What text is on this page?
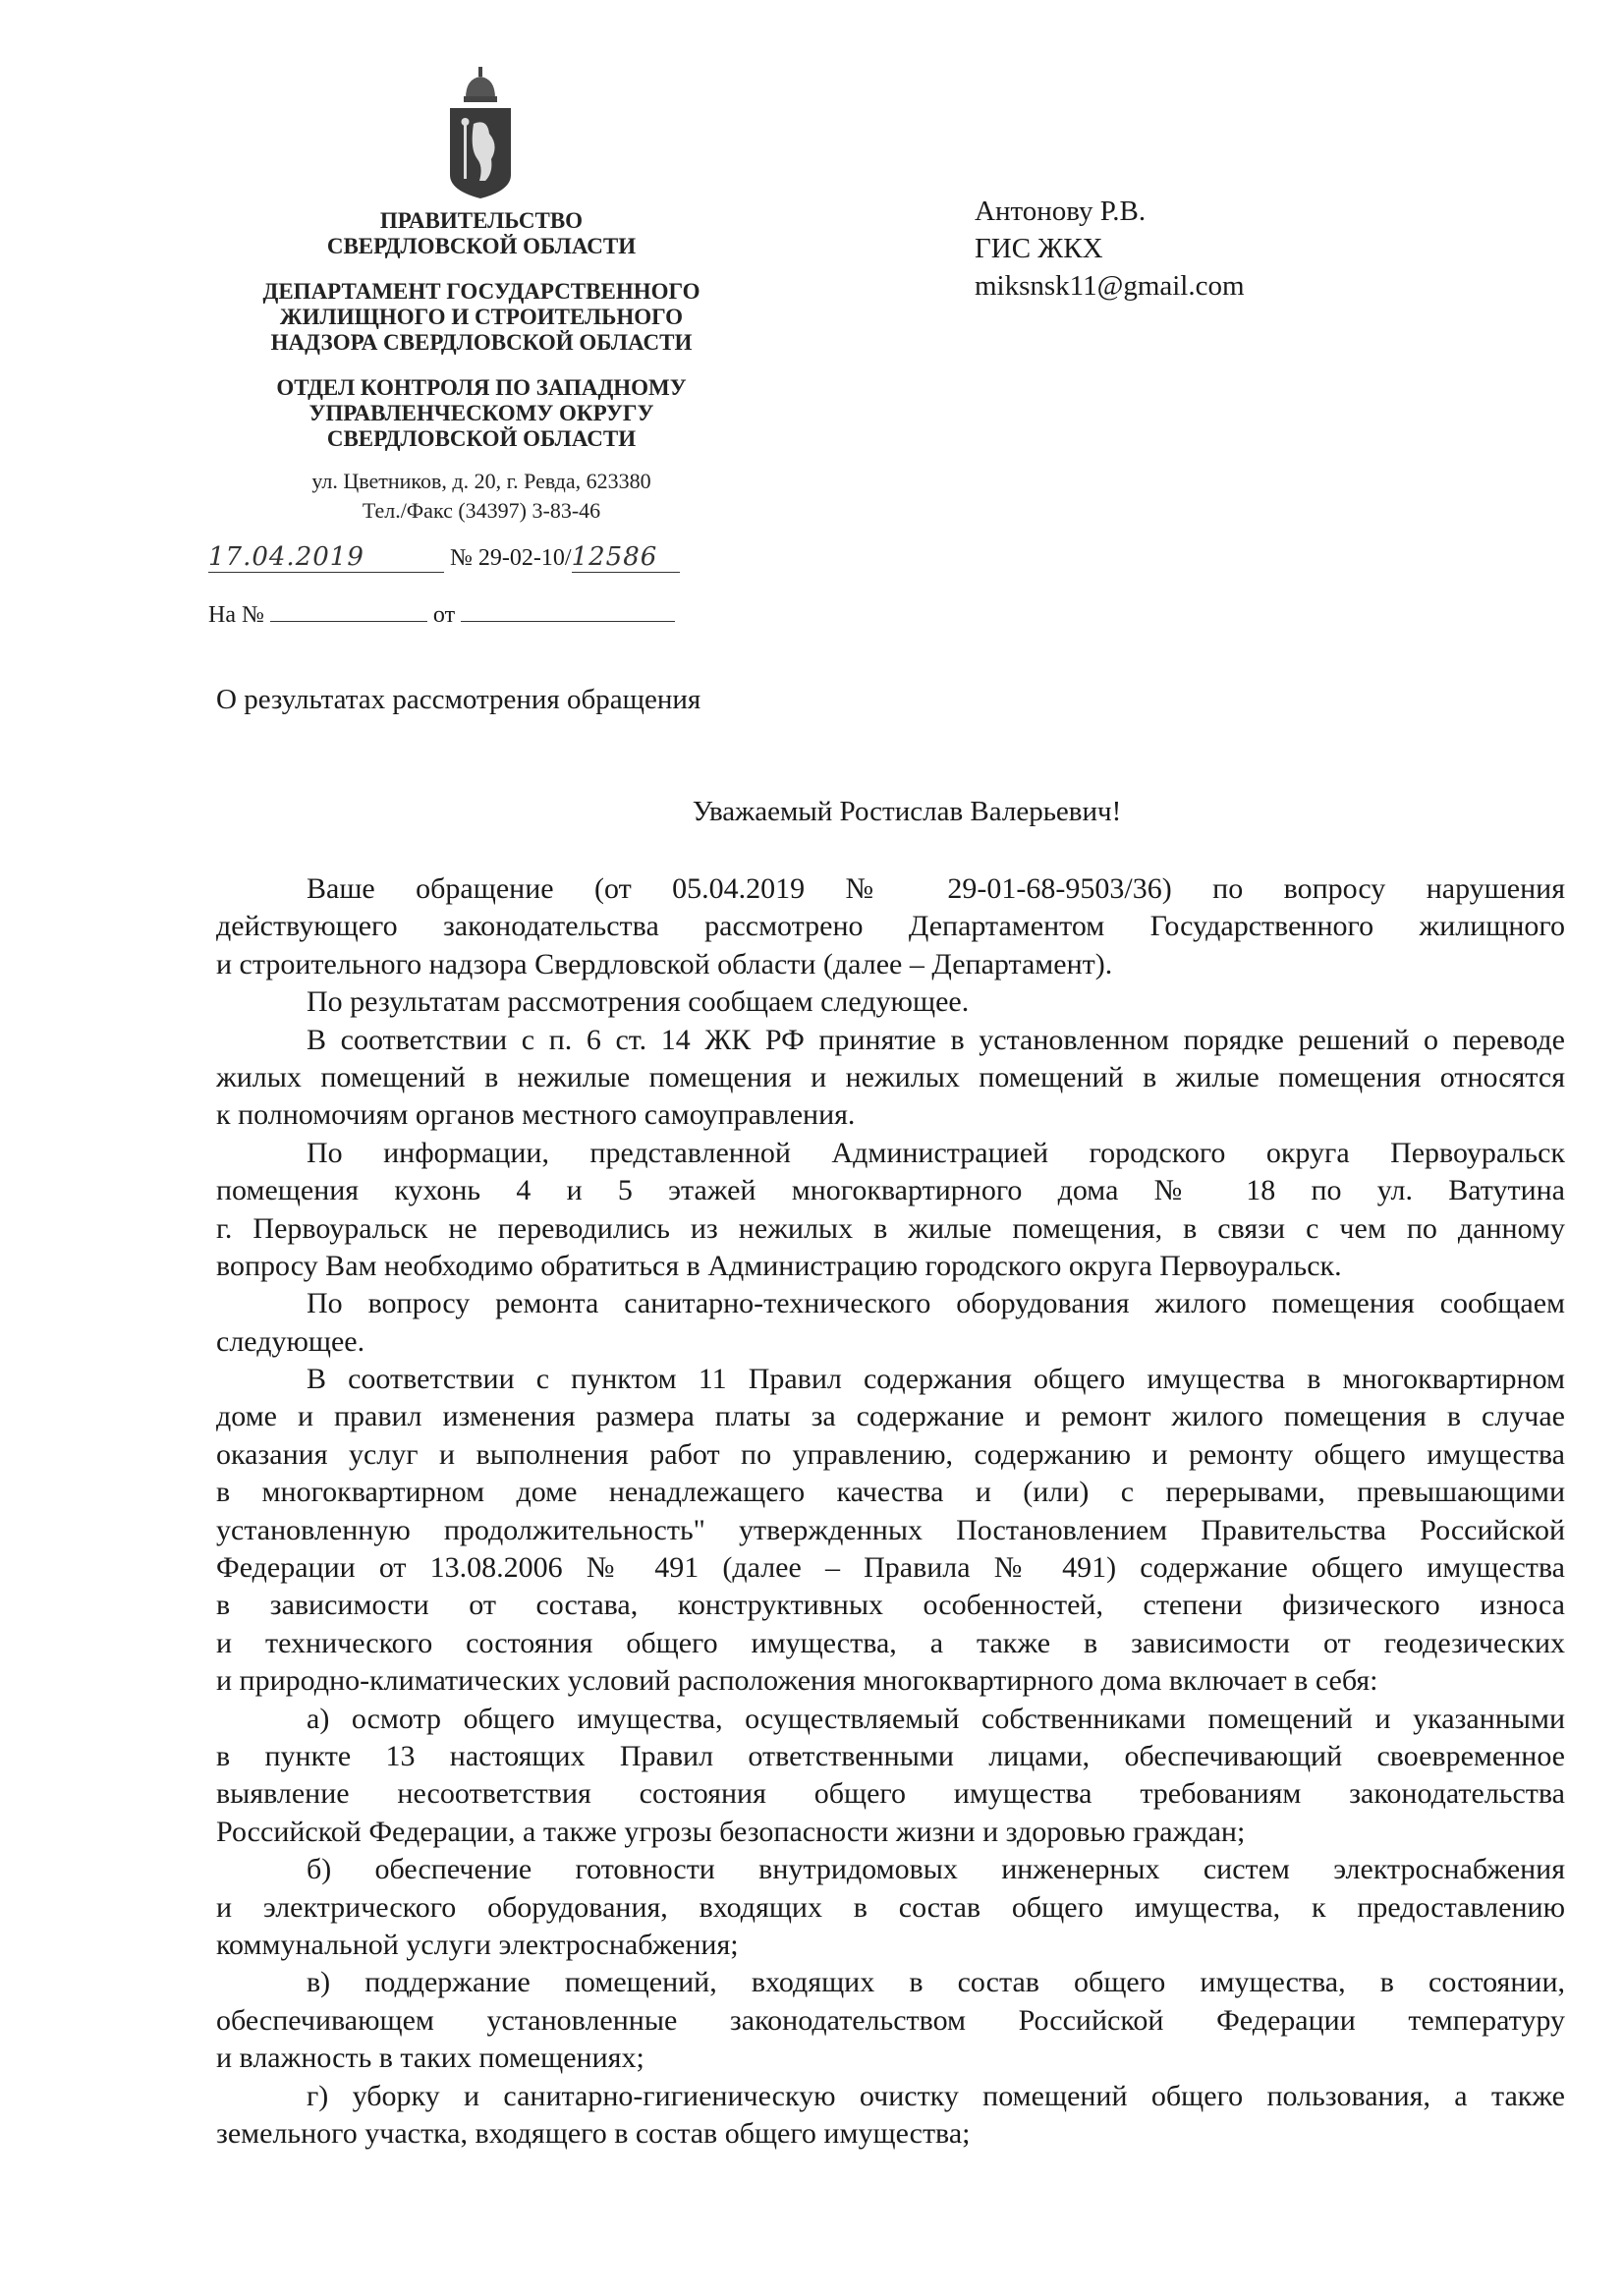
ПРАВИТЕЛЬСТВО
СВЕРДЛОВСКОЙ ОБЛАСТИ
ДЕПАРТАМЕНТ ГОСУДАРСТВЕННОГО
ЖИЛИЩНОГО И СТРОИТЕЛЬНОГО
НАДЗОРА СВЕРДЛОВСКОЙ ОБЛАСТИ
ОТДЕЛ КОНТРОЛЯ ПО ЗАПАДНОМУ
УПРАВЛЕНЧЕСКОМУ ОКРУГУ
СВЕРДЛОВСКОЙ ОБЛАСТИ
ул. Цветников, д. 20, г. Ревда, 623380
Тел./Факс (34397) 3-83-46
17.04.2019	№ 29-02-10/12586
На №	от
Антонову Р.В.
ГИС ЖКХ
miksnsk11@gmail.com
О результатах рассмотрения обращения
Уважаемый Ростислав Валерьевич!
Ваше обращение (от 05.04.2019 № 29-01-68-9503/36) по вопросу нарушения
действующего законодательства рассмотрено Департаментом Государственного жилищного
и строительного надзора Свердловской области (далее – Департамент).
По результатам рассмотрения сообщаем следующее.
В соответствии с п. 6 ст. 14 ЖК РФ принятие в установленном порядке решений о переводе
жилых помещений в нежилые помещения и нежилых помещений в жилые помещения относятся
к полномочиям органов местного самоуправления.
По информации, представленной Администрацией городского округа Первоуральск
помещения кухонь 4 и 5 этажей многоквартирного дома № 18 по ул. Ватутина
г. Первоуральск не переводились из нежилых в жилые помещения, в связи с чем по данному
вопросу Вам необходимо обратиться в Администрацию городского округа Первоуральск.
По вопросу ремонта санитарно-технического оборудования жилого помещения сообщаем
следующее.
В соответствии с пунктом 11 Правил содержания общего имущества в многоквартирном
доме и правил изменения размера платы за содержание и ремонт жилого помещения в случае
оказания услуг и выполнения работ по управлению, содержанию и ремонту общего имущества
в многоквартирном доме ненадлежащего качества и (или) с перерывами, превышающими
установленную продолжительность" утвержденных Постановлением Правительства Российской
Федерации от 13.08.2006 № 491 (далее – Правила № 491) содержание общего имущества
в зависимости от состава, конструктивных особенностей, степени физического износа
и технического состояния общего имущества, а также в зависимости от геодезических
и природно-климатических условий расположения многоквартирного дома включает в себя:
а) осмотр общего имущества, осуществляемый собственниками помещений и указанными
в пункте 13 настоящих Правил ответственными лицами, обеспечивающий своевременное
выявление несоответствия состояния общего имущества требованиям законодательства
Российской Федерации, а также угрозы безопасности жизни и здоровью граждан;
б) обеспечение готовности внутридомовых инженерных систем электроснабжения
и электрического оборудования, входящих в состав общего имущества, к предоставлению
коммунальной услуги электроснабжения;
в) поддержание помещений, входящих в состав общего имущества, в состоянии,
обеспечивающем установленные законодательством Российской Федерации температуру
и влажность в таких помещениях;
г) уборку и санитарно-гигиеническую очистку помещений общего пользования, а также
земельного участка, входящего в состав общего имущества;
